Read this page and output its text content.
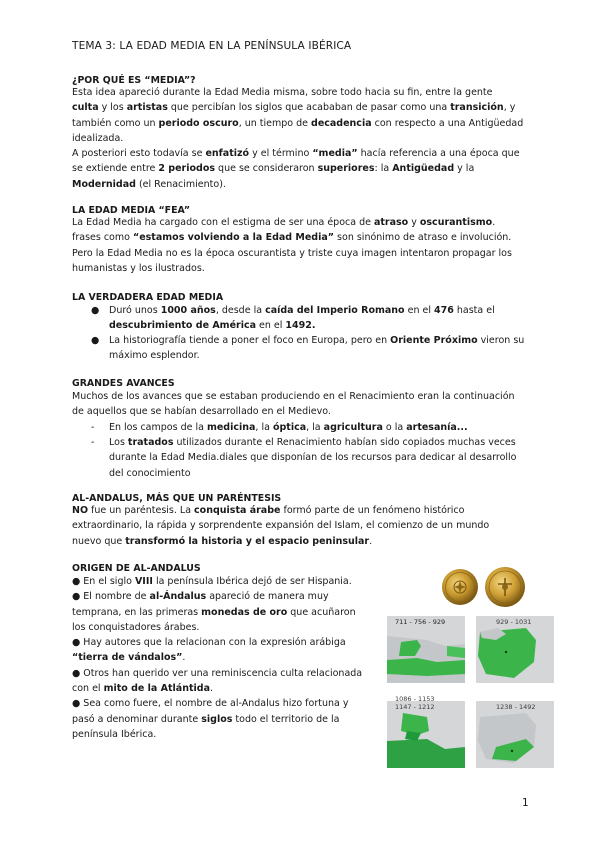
TEMA 3: LA EDAD MEDIA EN LA PENÍNSULA IBÉRICA
¿POR QUÉ ES “MEDIA”?
Esta idea apareció durante la Edad Media misma, sobre todo hacia su fin, entre la gente
culta y los artistas que percibían los siglos que acababan de pasar como una transición, y
también como un periodo oscuro, un tiempo de decadencia con respecto a una Antigüedad
idealizada.
A posteriori esto todavía se enfatizó y el término “media” hacía referencia a una época que
se extiende entre 2 periodos que se consideraron superiores: la Antigüedad y la
Modernidad (el Renacimiento).
LA EDAD MEDIA “FEA”
La Edad Media ha cargado con el estigma de ser una época de atraso y oscurantismo.
frases como “estamos volviendo a la Edad Media” son sinónimo de atraso e involución.
Pero la Edad Media no es la época oscurantista y triste cuya imagen intentaron propagar los
humanistas y los ilustrados.
LA VERDADERA EDAD MEDIA
● Duró unos 1000 años, desde la caída del Imperio Romano en el 476 hasta el
descubrimiento de América en el 1492.
● La historiografía tiende a poner el foco en Europa, pero en Oriente Próximo vieron su
máximo esplendor.
GRANDES AVANCES
Muchos de los avances que se estaban produciendo en el Renacimiento eran la continuación
de aquellos que se habían desarrollado en el Medievo.
- En los campos de la medicina, la óptica, la agricultura o la artesanía...
- Los tratados utilizados durante el Renacimiento habían sido copiados muchas veces
durante la Edad Media.diales que disponían de los recursos para dedicar al desarrollo
del conocimiento
AL-ANDALUS, MÁS QUE UN PARÉNTESIS
NO fue un paréntesis. La conquista árabe formó parte de un fenómeno histórico
extraordinario, la rápida y sorprendente expansión del Islam, el comienzo de un mundo
nuevo que transformó la historia y el espacio peninsular.
ORIGEN DE AL-ANDALUS
● En el siglo VIII la península Ibérica dejó de ser Hispania.
● El nombre de al-Ándalus apareció de manera muy
temprana, en las primeras monedas de oro que acuñaron
los conquistadores árabes.
● Hay autores que la relacionan con la expresión arábiga
“tierra de vándalos”.
● Otros han querido ver una reminiscencia culta relacionada
con el mito de la Atlántida.
● Sea como fuere, el nombre de al-Andalus hizo fortuna y
pasó a denominar durante siglos todo el territorio de la
península Ibérica.
711 - 756 - 929	929 - 1031
1086 - 1153
1147 - 1212	1238 - 1492
1
